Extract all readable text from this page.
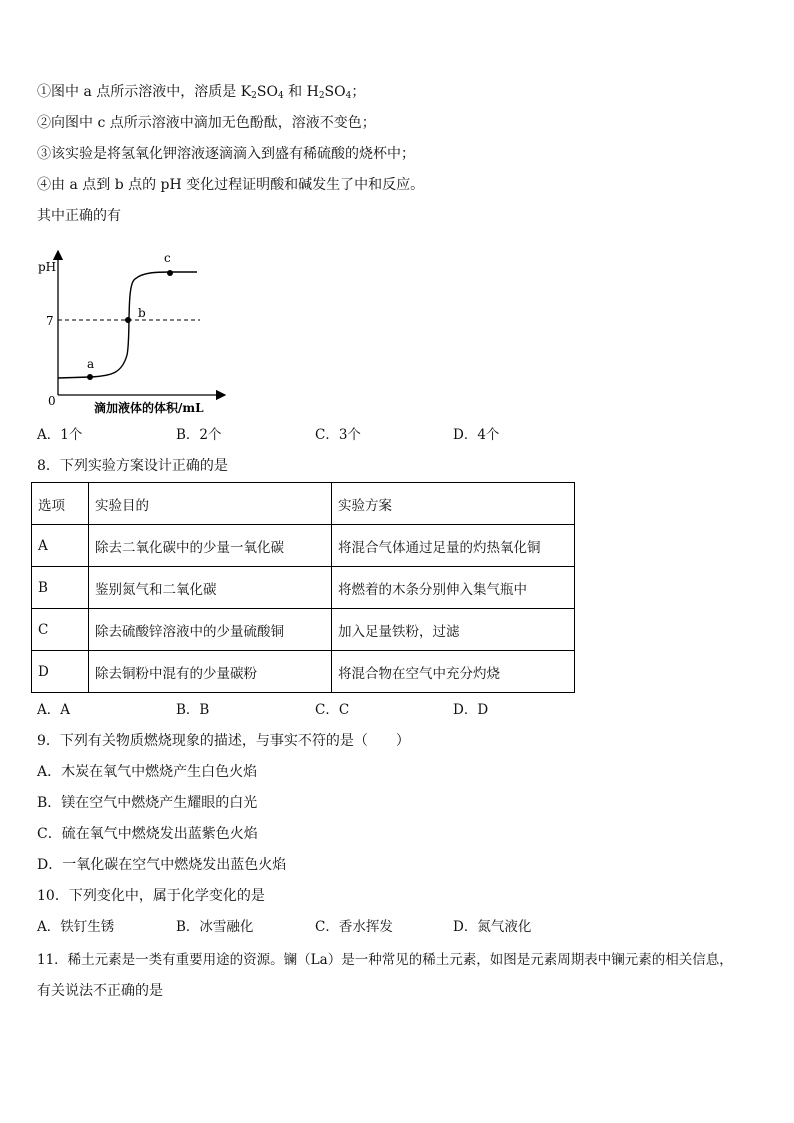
①图中 a 点所示溶液中，溶质是 $K_2SO_4$ 和 $H_2SO_4$；
②向图中 c 点所示溶液中滴加无色酚酞，溶液不变色；
③该实验是将氢氧化钾溶液逐滴滴入到盛有稀硫酸的烧杯中；
④由 a 点到 b 点的 pH 变化过程证明酸和碱发生了中和反应。
其中正确的有
pH
7
0	滴加液体的体积/mL
a
b
c
A．1个	B．2个	C．3个	D．4个
8．下列实验方案设计正确的是
选项	实验目的	实验方案
A	除去二氧化碳中的少量一氧化碳	将混合气体通过足量的灼热氧化铜
B	鉴别氮气和二氧化碳	将燃着的木条分别伸入集气瓶中
C	除去硫酸锌溶液中的少量硫酸铜	加入足量铁粉，过滤
D	除去铜粉中混有的少量碳粉	将混合物在空气中充分灼烧
A．A	B．B	C．C	D．D
9．下列有关物质燃烧现象的描述，与事实不符的是（　　）
A．木炭在氧气中燃烧产生白色火焰
B．镁在空气中燃烧产生耀眼的白光
C．硫在氧气中燃烧发出蓝紫色火焰
D．一氧化碳在空气中燃烧发出蓝色火焰
10．下列变化中，属于化学变化的是
A．铁钉生锈	B．冰雪融化	C．香水挥发	D．氮气液化
11．稀土元素是一类有重要用途的资源。镧（La）是一种常见的稀土元素，如图是元素周期表中镧元素的相关信息，
有关说法不正确的是
